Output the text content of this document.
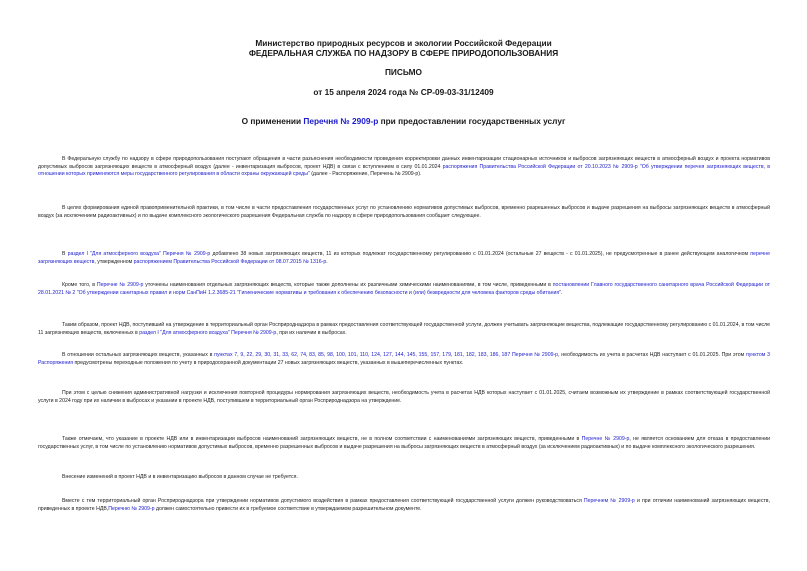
Министерство природных ресурсов и экологии Российской Федерации
ФЕДЕРАЛЬНАЯ СЛУЖБА ПО НАДЗОРУ В СФЕРЕ ПРИРОДОПОЛЬЗОВАНИЯ
ПИСЬМО
от 15 апреля 2024 года № СР-09-03-31/12409
О применении Перечня № 2909-р при предоставлении государственных услуг
В Федеральную службу по надзору в сфере природопользования поступают обращения в части разъяснения необходимости проведения корректировки данных инвентаризации стационарных источников и выбросов загрязняющих веществ в атмосферный воздух и проекта нормативов допустимых выбросов загрязняющих веществ в атмосферный воздух (далее - инвентаризация выбросов, проект НДВ) в связи с вступлением в силу 01.01.2024 распоряжения Правительства Российской Федерации от 20.10.2023 № 2909-р "Об утверждении перечня загрязняющих веществ, в отношении которых применяются меры государственного регулирования в области охраны окружающей среды" (далее - Распоряжение, Перечень № 2909-р).
В целях формирования единой правоприменительной практики, в том числе в части предоставления государственных услуг по установлению нормативов допустимых выбросов, временно разрешенных выбросов и выдаче разрешения на выбросы загрязняющих веществ в атмосферный воздух (за исключением радиоактивных) и по выдаче комплексного экологического разрешения Федеральная служба по надзору в сфере природопользования сообщает следующее.
В раздел I "Для атмосферного воздуха" Перечня № 2909-р добавлено 38 новых загрязняющих веществ, 11 из которых подлежат государственному регулированию с 01.01.2024 (остальные 27 веществ - с 01.01.2025), не предусмотренные в ранее действующем аналогичном перечне загрязняющих веществ, утвержденном распоряжением Правительства Российской Федерации от 08.07.2015 № 1316-р.
Кроме того, в Перечне № 2909-р уточнены наименования отдельных загрязняющих веществ, которые также дополнены их различными химическими наименованиями, в том числе, приведенными в постановлении Главного государственного санитарного врача Российской Федерации от 28.01.2021 № 2 "Об утверждении санитарных правил и норм СанПиН 1.2.3685-21 "Гигиенические нормативы и требования к обеспечению безопасности и (или) безвредности для человека факторов среды обитания".
Таким образом, проект НДВ, поступивший на утверждение в территориальный орган Росприроднадзора в рамках предоставления соответствующей государственной услуги, должен учитывать загрязняющие вещества, подлежащие государственному регулированию с 01.01.2024, в том числе 11 загрязняющих веществ, включенных в раздел I "Для атмосферного воздуха" Перечня № 2909-р, при их наличии в выбросах.
В отношении остальных загрязняющих веществ, указанных в пунктах 7, 9, 22, 29, 30, 31, 33, 62, 74, 83, 85, 98, 100, 101, 110, 124, 127, 144, 145, 155, 157, 179, 181, 182, 183, 186, 187 Перечня № 2909-р, необходимость их учета в расчетах НДВ наступает с 01.01.2025. При этом пунктом 3 Распоряжения предусмотрены переходные положения по учету в природоохранной документации 27 новых загрязняющих веществ, указанных в вышеперечисленных пунктах.
При этом с целью снижения административной нагрузки и исключения повторной процедуры нормирования загрязняющих веществ, необходимость учета в расчетах НДВ которых наступает с 01.01.2025, считаем возможным их утверждение в рамках соответствующей государственной услуги в 2024 году при их наличии в выбросах и указании в проекте НДВ, поступившем в территориальный орган Росприроднадзора на утверждение.
Также отмечаем, что указание в проекте НДВ или в инвентаризации выбросов наименований загрязняющих веществ, не в полном соответствии с наименованиями загрязняющих веществ, приведенными в Перечне № 2909-р, не является основанием для отказа в предоставлении государственных услуг, в том числе по установлению нормативов допустимых выбросов, временно разрешенных выбросов и выдаче разрешения на выбросы загрязняющих веществ в атмосферный воздух (за исключением радиоактивных) и по выдаче комплексного экологического разрешения.
Внесение изменений в проект НДВ и в инвентаризацию выбросов в данном случае не требуется.
Вместе с тем территориальный орган Росприроднадзора при утверждении нормативов допустимого воздействия в рамках предоставления соответствующей государственной услуги должен руководствоваться Перечнем № 2909-р и при отличии наименований загрязняющих веществ, приведенных в проекте НДВ,Перечню № 2909-р должен самостоятельно привести их в требуемое соответствие в утверждаемом разрешительном документе.
